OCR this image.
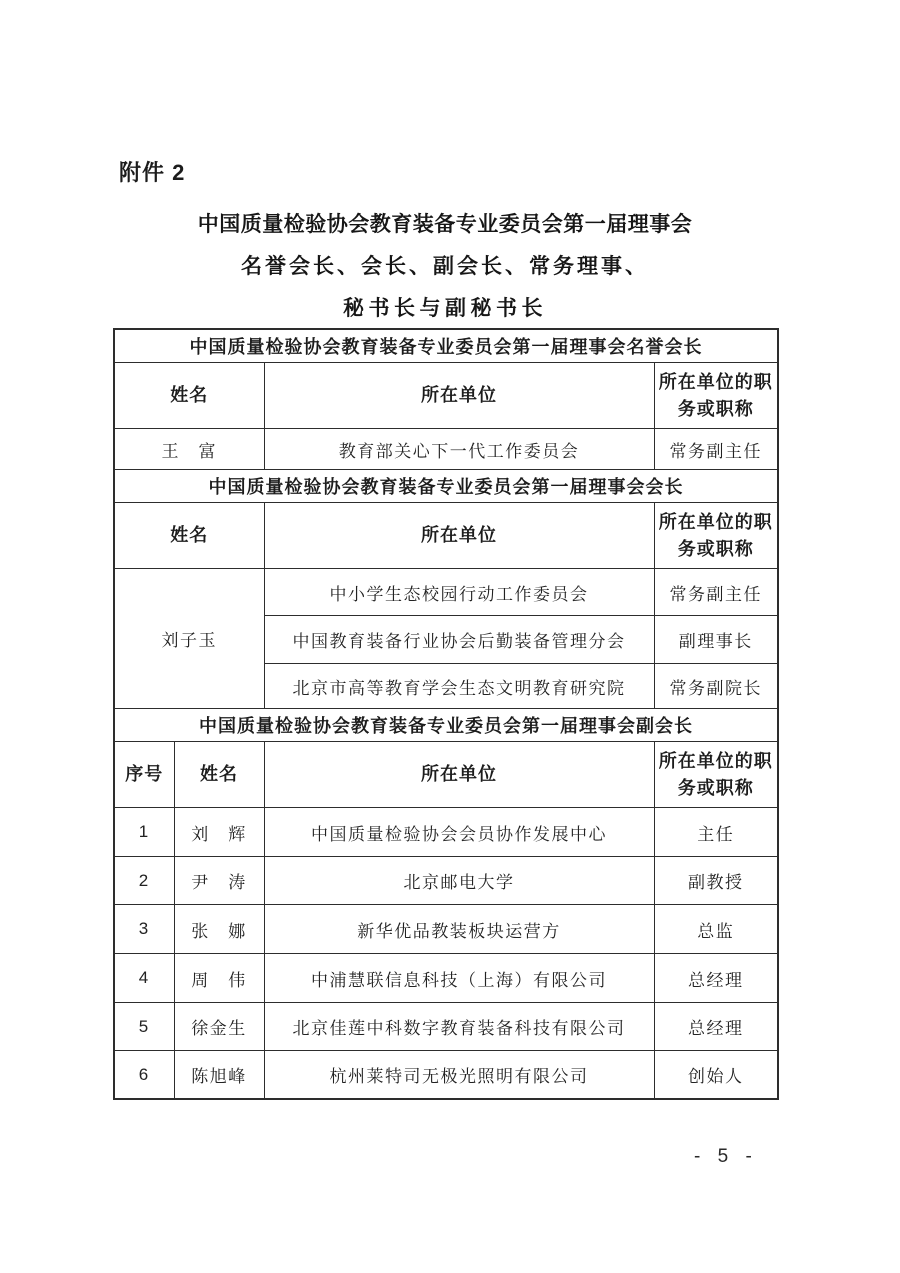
附件 2
中国质量检验协会教育装备专业委员会第一届理事会
名誉会长、会长、副会长、常务理事、
秘书长与副秘书长
中国质量检验协会教育装备专业委员会第一届理事会名誉会长			
姓名		所在单位	所在单位的职务或职称
王　富		教育部关心下一代工作委员会	常务副主任
中国质量检验协会教育装备专业委员会第一届理事会会长			
姓名		所在单位	所在单位的职务或职称
刘子玉		中小学生态校园行动工作委员会	常务副主任
		中国教育装备行业协会后勤装备管理分会	副理事长
		北京市高等教育学会生态文明教育研究院	常务副院长
中国质量检验协会教育装备专业委员会第一届理事会副会长			
序号	姓名	所在单位	所在单位的职务或职称
1	刘　辉	中国质量检验协会会员协作发展中心	主任
2	尹　涛	北京邮电大学	副教授
3	张　娜	新华优品教装板块运营方	总监
4	周　伟	中浦慧联信息科技（上海）有限公司	总经理
5	徐金生	北京佳莲中科数字教育装备科技有限公司	总经理
6	陈旭峰	杭州莱特司无极光照明有限公司	创始人
- 5 -
